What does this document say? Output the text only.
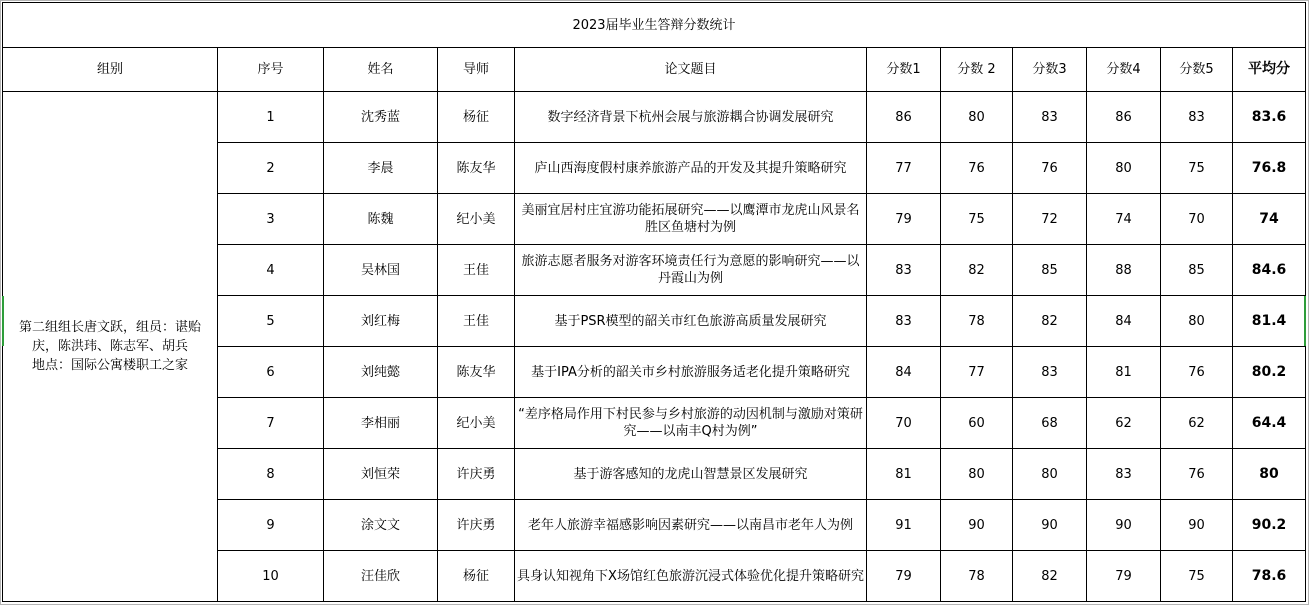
2023届毕业生答辩分数统计										
组别	序号	姓名	导师	论文题目	分数1	分数 2	分数3	分数4	分数5	平均分

第二组组长唐文跃，组员：谌贻
庆，陈洪玮、陈志军、胡兵
地点：国际公寓楼职工之家	1	沈秀蓝	杨征	数字经济背景下杭州会展与旅游耦合协调发展研究	86	80	83	86	83	83.6
	2	李晨	陈友华	庐山西海度假村康养旅游产品的开发及其提升策略研究	77	76	76	80	75	76.8
	3	陈魏	纪小美	美丽宜居村庄宜游功能拓展研究——以鹰潭市龙虎山风景名胜区鱼塘村为例	79	75	72	74	70	74
	4	吴林国	王佳	旅游志愿者服务对游客环境责任行为意愿的影响研究——以丹霞山为例	83	82	85	88	85	84.6
	5	刘红梅	王佳	基于PSR模型的韶关市红色旅游高质量发展研究	83	78	82	84	80	81.4
	6	刘纯懿	陈友华	基于IPA分析的韶关市乡村旅游服务适老化提升策略研究	84	77	83	81	76	80.2
	7	李相丽	纪小美	“差序格局作用下村民参与乡村旅游的动因机制与激励对策研究——以南丰Q村为例”	70	60	68	62	62	64.4
	8	刘恒荣	许庆勇	基于游客感知的龙虎山智慧景区发展研究	81	80	80	83	76	80
	9	涂文文	许庆勇	老年人旅游幸福感影响因素研究——以南昌市老年人为例	91	90	90	90	90	90.2
	10	汪佳欣	杨征	具身认知视角下X场馆红色旅游沉浸式体验优化提升策略研究	79	78	82	79	75	78.6
